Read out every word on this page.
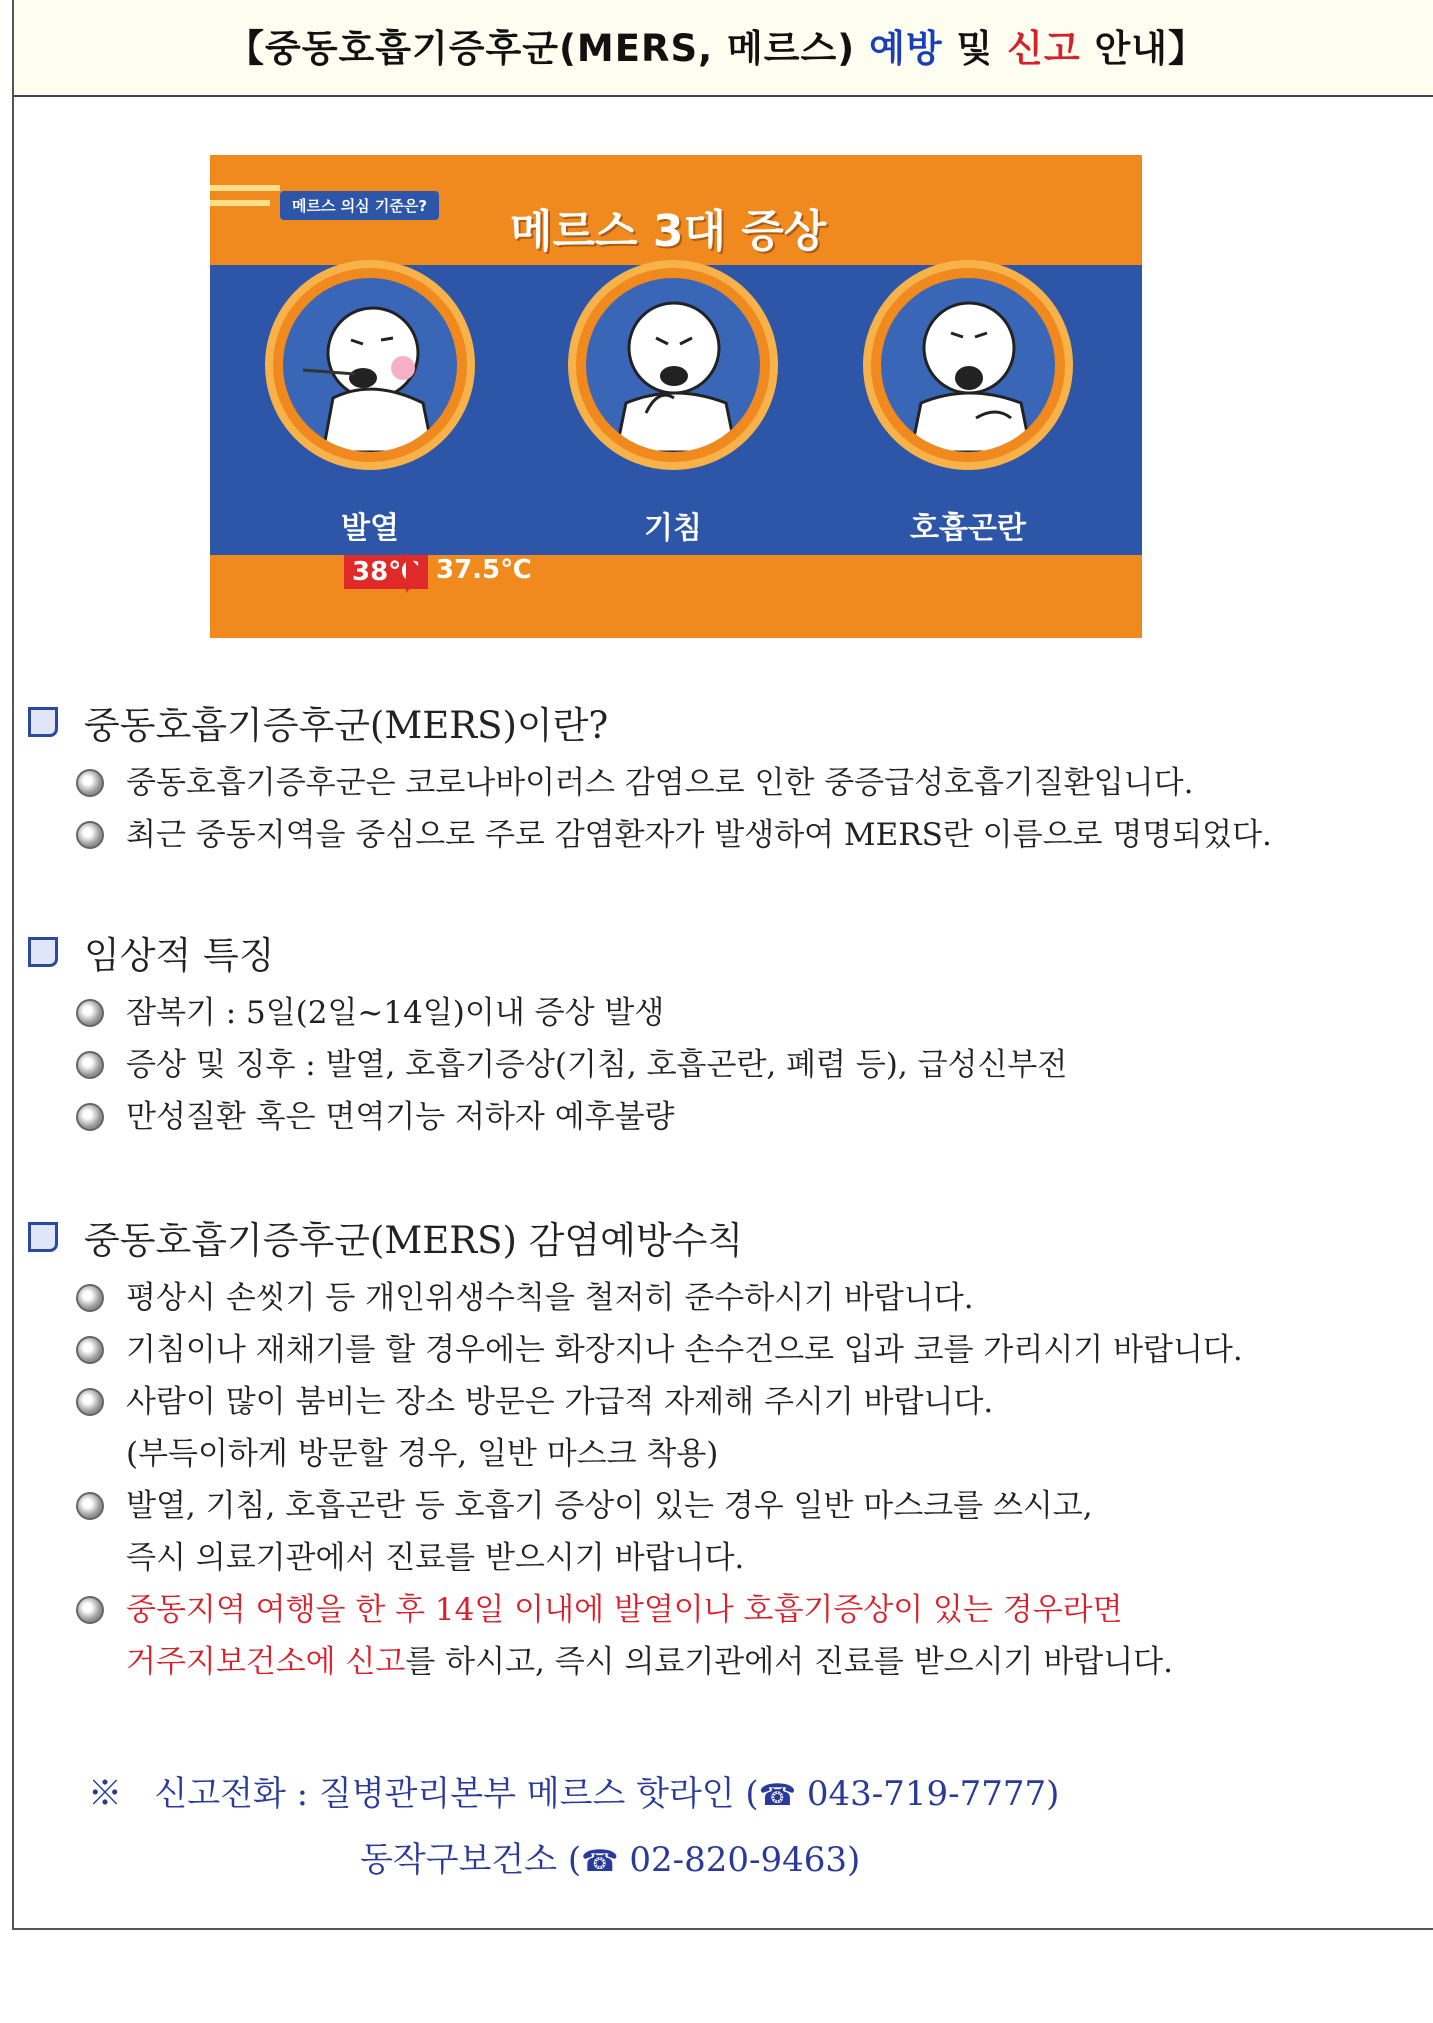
【중동호흡기증후군(MERS, 메르스) 예방 및 신고 안내】
메르스 의심 기준은? 메르스 3대 증상
발열	기침	호흡곤란
38℃ 37.5℃
중동호흡기증후군(MERS)이란?
중동호흡기증후군은 코로나바이러스 감염으로 인한 중증급성호흡기질환입니다.
최근 중동지역을 중심으로 주로 감염환자가 발생하여 MERS란 이름으로 명명되었다.
임상적 특징
잠복기 : 5일(2일~14일)이내 증상 발생
증상 및 징후 : 발열, 호흡기증상(기침, 호흡곤란, 폐렴 등), 급성신부전
만성질환 혹은 면역기능 저하자 예후불량
중동호흡기증후군(MERS) 감염예방수칙
평상시 손씻기 등 개인위생수칙을 철저히 준수하시기 바랍니다.
기침이나 재채기를 할 경우에는 화장지나 손수건으로 입과 코를 가리시기 바랍니다.
사람이 많이 붐비는 장소 방문은 가급적 자제해 주시기 바랍니다.
(부득이하게 방문할 경우, 일반 마스크 착용)
발열, 기침, 호흡곤란 등 호흡기 증상이 있는 경우 일반 마스크를 쓰시고,
즉시 의료기관에서 진료를 받으시기 바랍니다.
중동지역 여행을 한 후 14일 이내에 발열이나 호흡기증상이 있는 경우라면
거주지보건소에 신고를 하시고, 즉시 의료기관에서 진료를 받으시기 바랍니다.
※ 신고전화 : 질병관리본부 메르스 핫라인 (☎ 043-719-7777)
동작구보건소 (☎ 02-820-9463)
